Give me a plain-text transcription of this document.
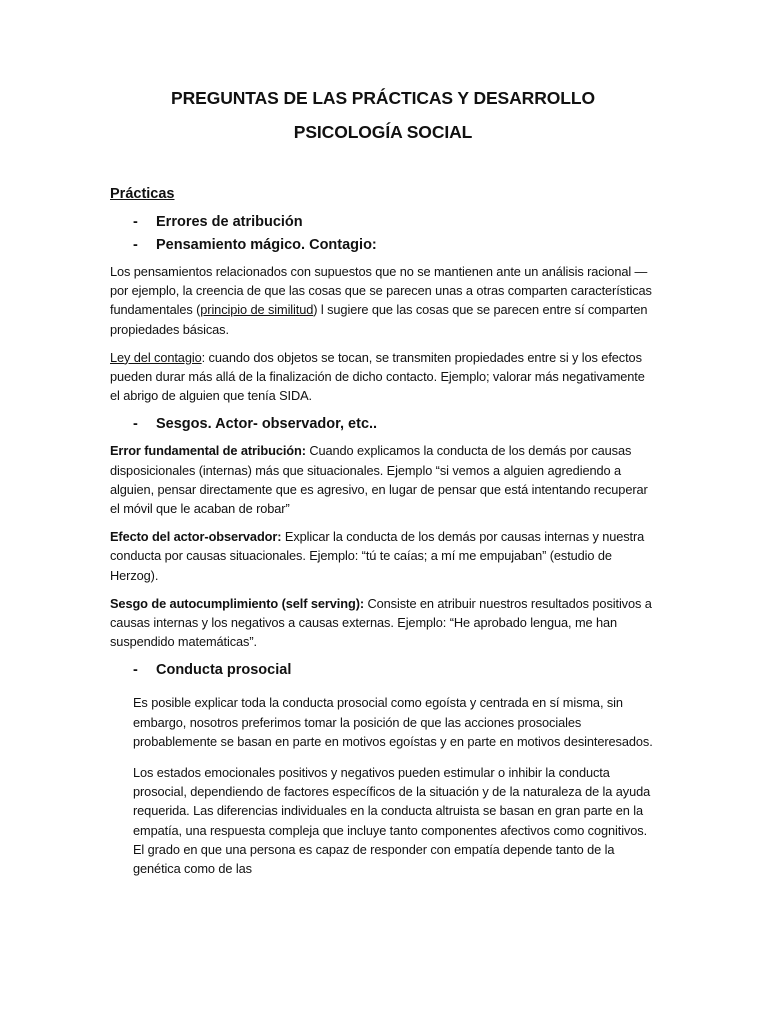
PREGUNTAS DE LAS PRÁCTICAS Y DESARROLLO
PSICOLOGÍA SOCIAL
Prácticas
-	Errores de atribución
-	Pensamiento mágico. Contagio:

Los pensamientos relacionados con supuestos que no se mantienen ante un análisis racional —por ejemplo, la creencia de que las cosas que se parecen unas a otras comparten características fundamentales (principio de similitud) l sugiere que las cosas que se parecen entre sí comparten propiedades básicas.

Ley del contagio: cuando dos objetos se tocan, se transmiten propiedades entre si y los efectos pueden durar más allá de la finalización de dicho contacto. Ejemplo; valorar más negativamente el abrigo de alguien que tenía SIDA.

-	Sesgos. Actor- observador, etc..

Error fundamental de atribución: Cuando explicamos la conducta de los demás por causas disposicionales (internas) más que situacionales. Ejemplo “si vemos a alguien agrediendo a alguien, pensar directamente que es agresivo, en lugar de pensar que está intentando recuperar el móvil que le acaban de robar”

Efecto del actor-observador: Explicar la conducta de los demás por causas internas y nuestra conducta por causas situacionales. Ejemplo: “tú te caías; a mí me empujaban” (estudio de Herzog).

Sesgo de autocumplimiento (self serving): Consiste en atribuir nuestros resultados positivos a causas internas y los negativos a causas externas. Ejemplo: “He aprobado lengua, me han suspendido matemáticas”.

-	Conducta prosocial

Es posible explicar toda la conducta prosocial como egoísta y centrada en sí misma, sin embargo, nosotros preferimos tomar la posición de que las acciones prosociales probablemente se basan en parte en motivos egoístas y en parte en motivos desinteresados.

Los estados emocionales positivos y negativos pueden estimular o inhibir la conducta prosocial, dependiendo de factores específicos de la situación y de la naturaleza de la ayuda requerida. Las diferencias individuales en la conducta altruista se basan en gran parte en la empatía, una respuesta compleja que incluye tanto componentes afectivos como cognitivos. El grado en que una persona es capaz de responder con empatía depende tanto de la genética como de las
